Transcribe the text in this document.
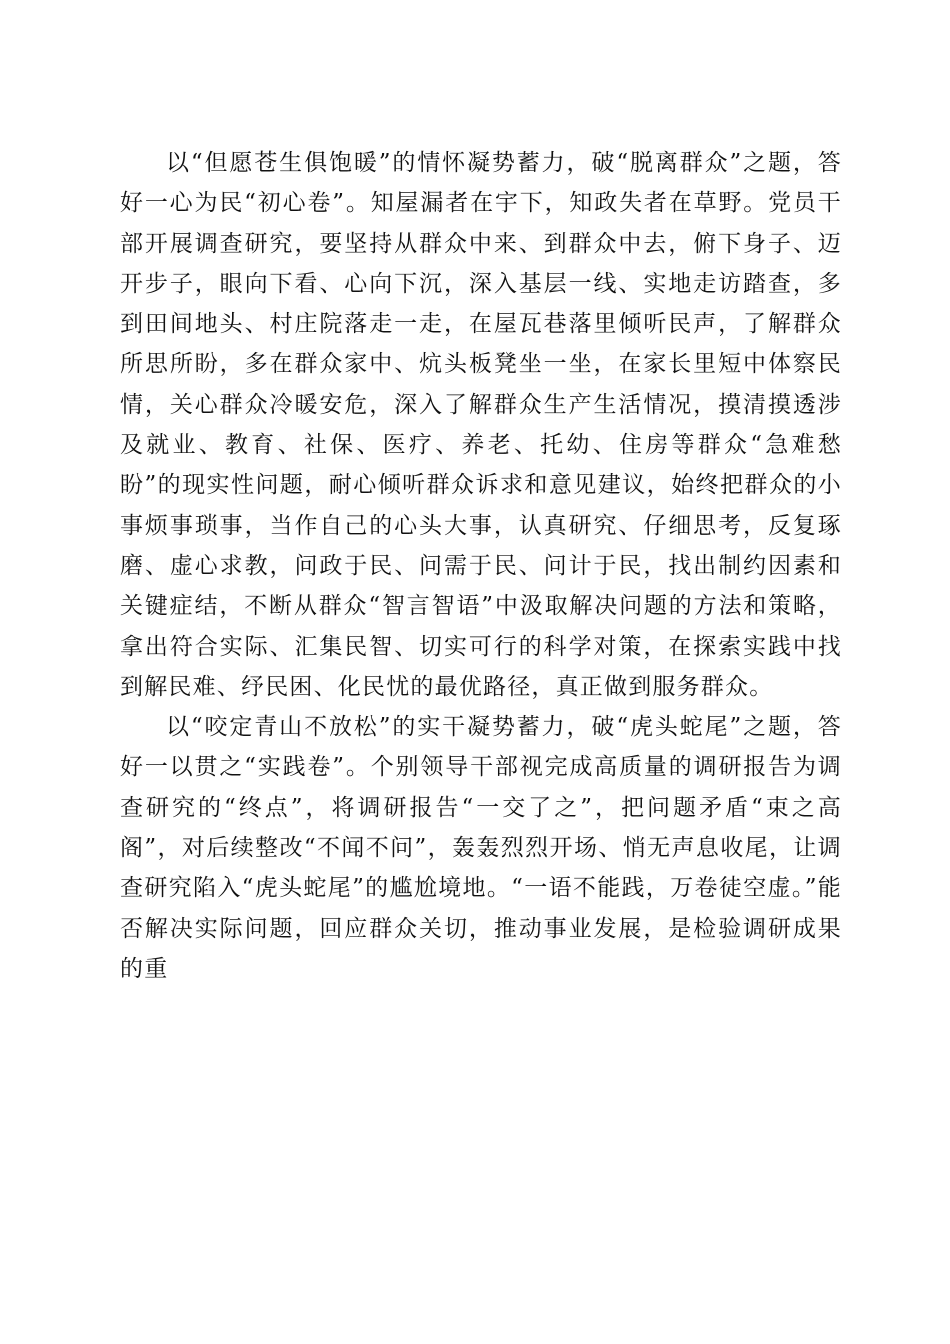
以“但愿苍生俱饱暖”的情怀凝势蓄力，破“脱离群众”之题，答好一心为民“初心卷”。知屋漏者在宇下，知政失者在草野。党员干部开展调查研究，要坚持从群众中来、到群众中去，俯下身子、迈开步子，眼向下看、心向下沉，深入基层一线、实地走访踏查，多到田间地头、村庄院落走一走，在屋瓦巷落里倾听民声，了解群众所思所盼，多在群众家中、炕头板凳坐一坐，在家长里短中体察民情，关心群众冷暖安危，深入了解群众生产生活情况，摸清摸透涉及就业、教育、社保、医疗、养老、托幼、住房等群众“急难愁盼”的现实性问题，耐心倾听群众诉求和意见建议，始终把群众的小事烦事琐事，当作自己的心头大事，认真研究、仔细思考，反复琢磨、虚心求教，问政于民、问需于民、问计于民，找出制约因素和关键症结，不断从群众“智言智语”中汲取解决问题的方法和策略，拿出符合实际、汇集民智、切实可行的科学对策，在探索实践中找到解民难、纾民困、化民忧的最优路径，真正做到服务群众。

以“咬定青山不放松”的实干凝势蓄力，破“虎头蛇尾”之题，答好一以贯之“实践卷”。个别领导干部视完成高质量的调研报告为调查研究的“终点”，将调研报告“一交了之”，把问题矛盾“束之高阁”，对后续整改“不闻不问”，轰轰烈烈开场、悄无声息收尾，让调查研究陷入“虎头蛇尾”的尴尬境地。“一语不能践，万卷徒空虚。”能否解决实际问题，回应群众关切，推动事业发展，是检验调研成果的重
